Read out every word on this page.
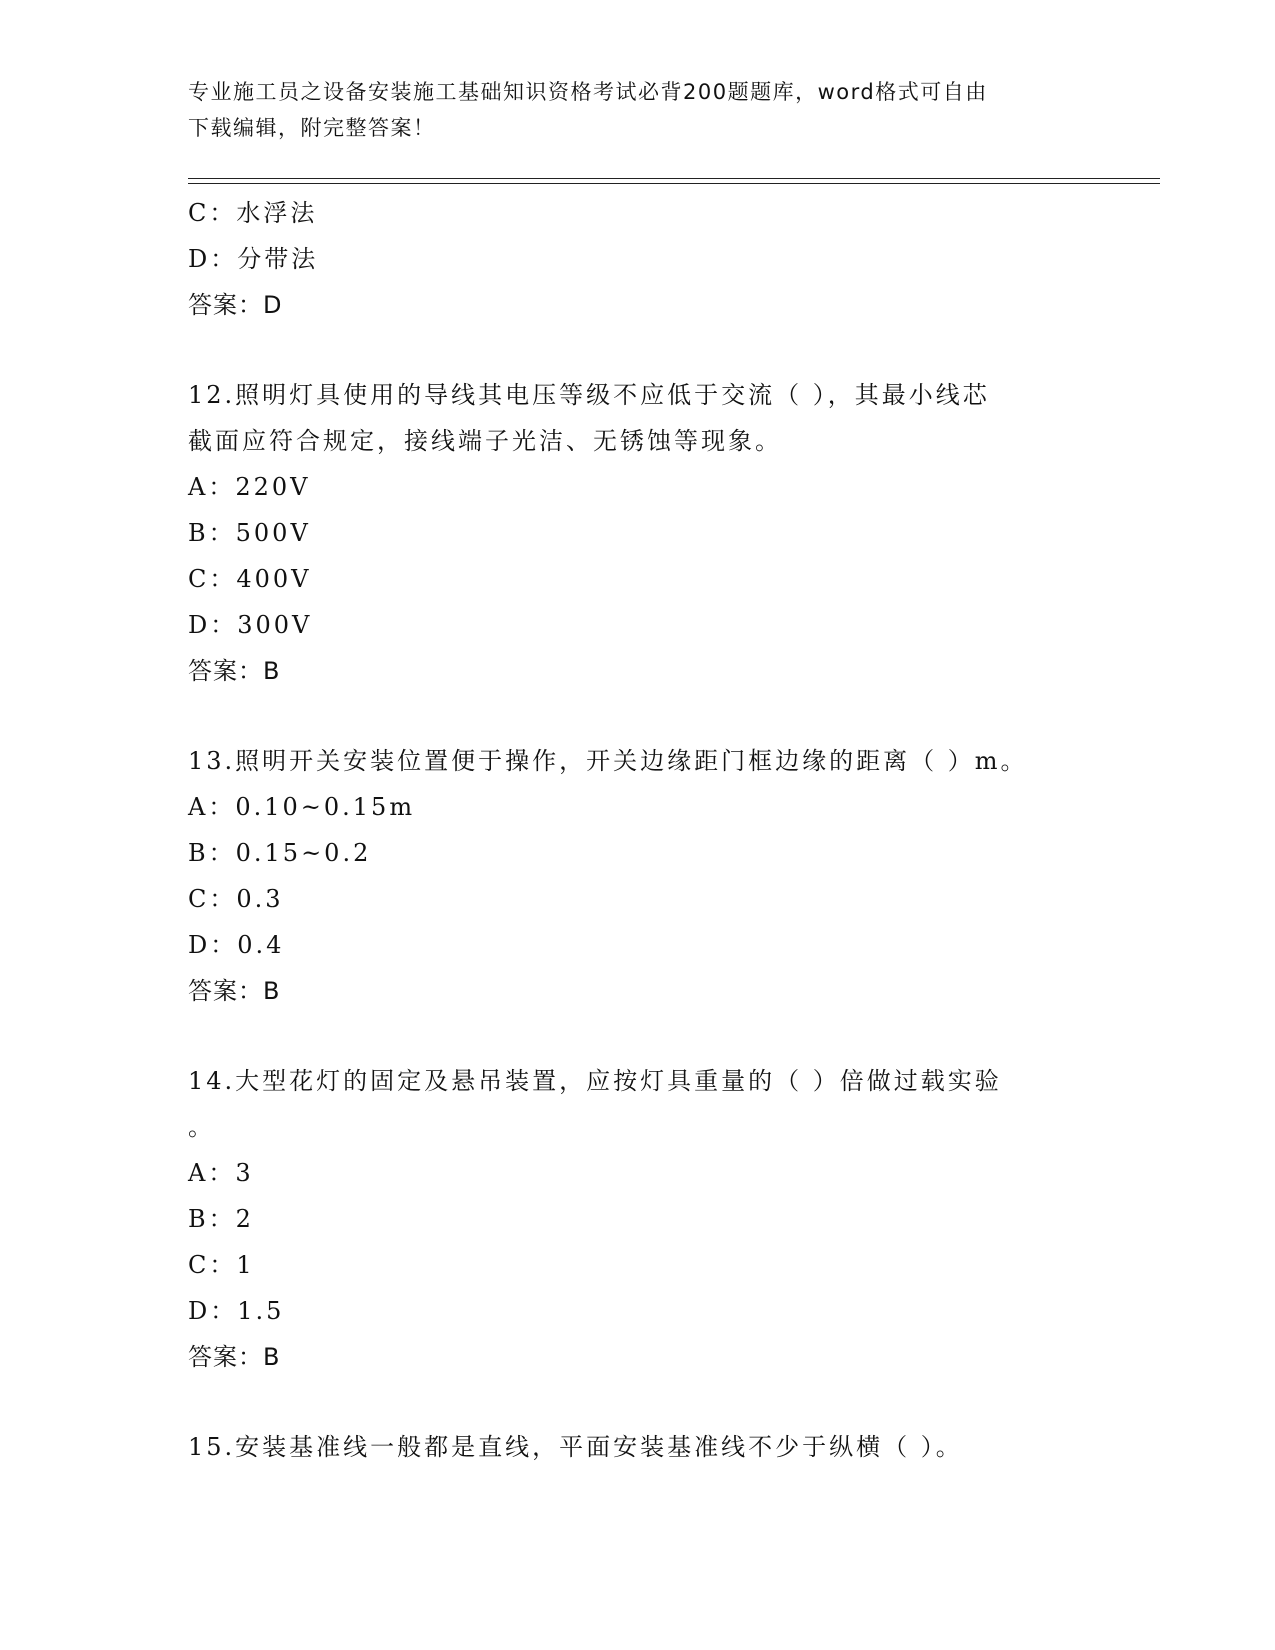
专业施工员之设备安装施工基础知识资格考试必背200题题库，word格式可自由
下载编辑，附完整答案！
C：水浮法
D：分带法
答案：D
12.照明灯具使用的导线其电压等级不应低于交流（ ），其最小线芯
截面应符合规定，接线端子光洁、无锈蚀等现象。
A：220V
B：500V
C：400V
D：300V
答案：B
13.照明开关安装位置便于操作，开关边缘距门框边缘的距离（ ）m。
A：0.10~0.15m
B：0.15~0.2
C：0.3
D：0.4
答案：B
14.大型花灯的固定及悬吊装置，应按灯具重量的（ ）倍做过载实验
。
A：3
B：2
C：1
D：1.5
答案：B
15.安装基准线一般都是直线，平面安装基准线不少于纵横（ ）。
